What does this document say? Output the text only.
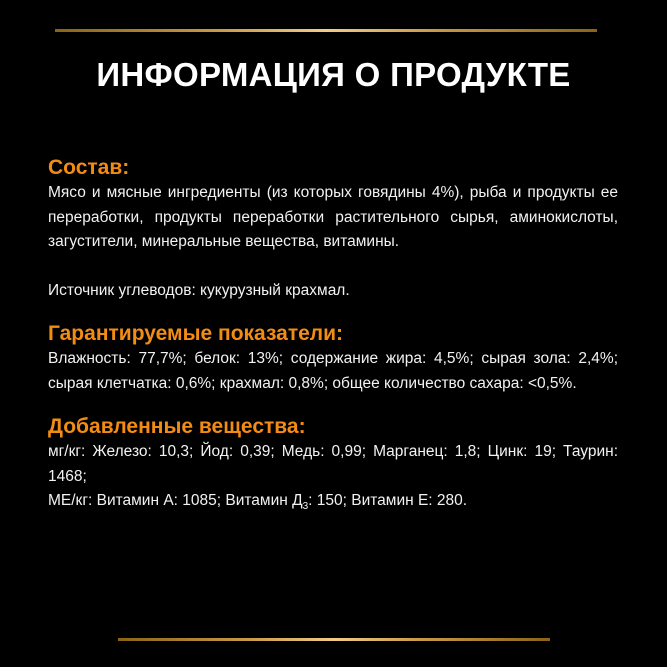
ИНФОРМАЦИЯ О ПРОДУКТЕ
Состав:

Мясо и мясные ингредиенты (из которых говядины 4%), рыба и продукты ее переработки, продукты переработки растительного сырья, аминокислоты, загустители, минеральные вещества, витамины.

Источник углеводов: кукурузный крахмал.

Гарантируемые показатели:

Влажность: 77,7%; белок: 13%; содержание жира: 4,5%; сырая зола: 2,4%; сырая клетчатка: 0,6%; крахмал: 0,8%; общее количество сахара: <0,5%.

Добавленные вещества:

мг/кг: Железо: 10,3; Йод: 0,39; Медь: 0,99; Марганец: 1,8; Цинк: 19; Таурин: 1468;

МЕ/кг: Витамин А: 1085; Витамин $Д_3$: 150; Витамин Е: 280.
